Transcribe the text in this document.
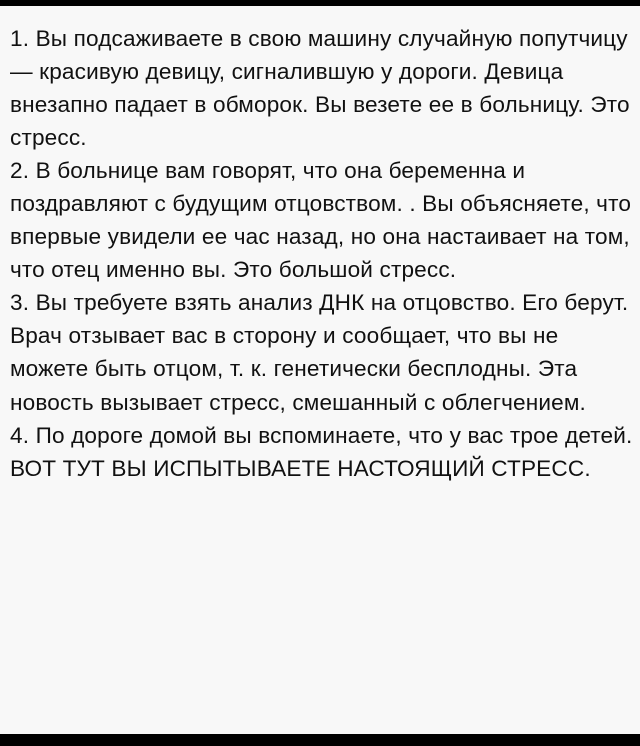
1. Вы подсаживаете в свою машину случайную попутчицу — красивую девицу, сигналившую у дороги. Девица внезапно падает в обморок. Вы везете ее в больницу. Это стресс.
2. В больнице вам говорят, что она беременна и поздравляют с будущим отцовством. . Вы объясняете, что впервые увидели ее час назад, но она настаивает на том, что отец именно вы. Это большой стресс.
3. Вы требуете взять анализ ДНК на отцовство. Его берут. Врач отзывает вас в сторону и сообщает, что вы не можете быть отцом, т. к. генетически бесплодны. Эта новость вызывает стресс, смешанный с облегчением.
4. По дороге домой вы вспоминаете, что у вас трое детей. ВОТ ТУТ ВЫ ИСПЫТЫВАЕТЕ НАСТОЯЩИЙ СТРЕСС.
